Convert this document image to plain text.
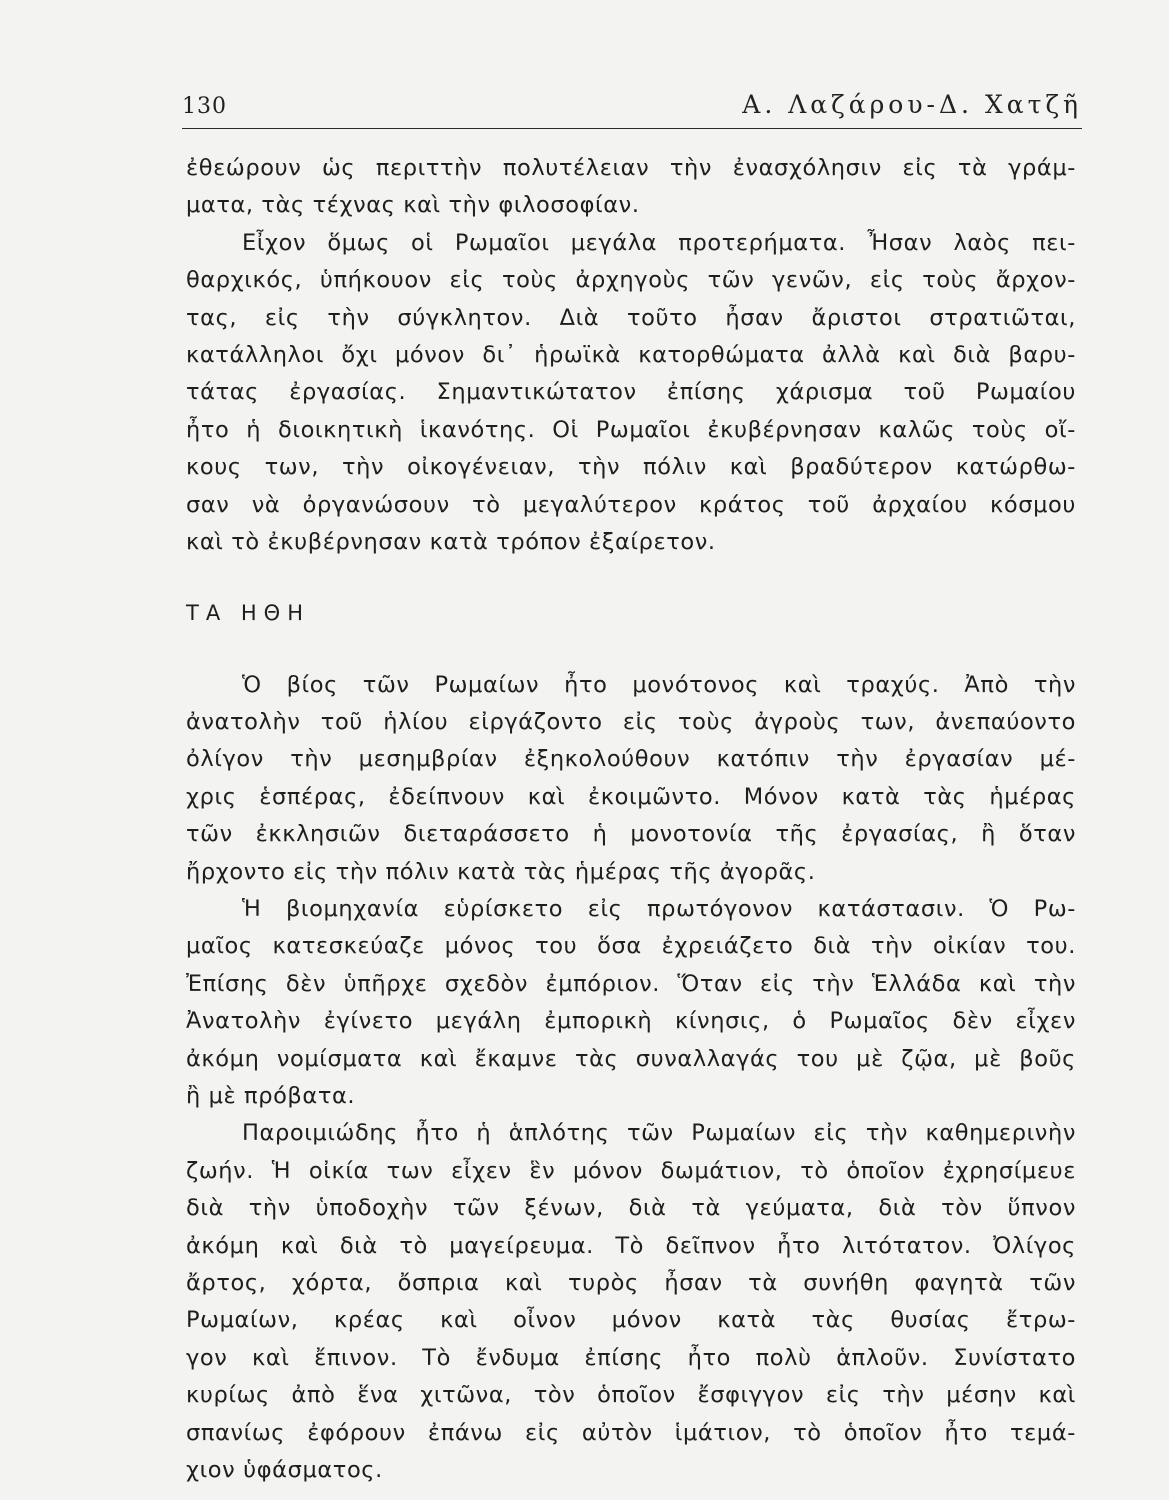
130	Α. Λαζάρου-Δ. Χατζῆ
ἐθεώρουν ὡς περιττὴν πολυτέλειαν τὴν ἐνασχόλησιν εἰς τὰ γράμ-
ματα, τὰς τέχνας καὶ τὴν φιλοσοφίαν.
Εἶχον ὅμως οἱ Ρωμαῖοι μεγάλα προτερήματα. Ἦσαν λαὸς πει-
θαρχικός, ὑπήκουον εἰς τοὺς ἀρχηγοὺς τῶν γενῶν, εἰς τοὺς ἄρχον-
τας, εἰς τὴν σύγκλητον. Διὰ τοῦτο ἦσαν ἄριστοι στρατιῶται,
κατάλληλοι ὄχι μόνον δι᾽ ἡρωϊκὰ κατορθώματα ἀλλὰ καὶ διὰ βαρυ-
τάτας ἐργασίας. Σημαντικώτατον ἐπίσης χάρισμα τοῦ Ρωμαίου
ἦτο ἡ διοικητικὴ ἱκανότης. Οἱ Ρωμαῖοι ἐκυβέρνησαν καλῶς τοὺς οἴ-
κους των, τὴν οἰκογένειαν, τὴν πόλιν καὶ βραδύτερον κατώρθω-
σαν νὰ ὀργανώσουν τὸ μεγαλύτερον κράτος τοῦ ἀρχαίου κόσμου
καὶ τὸ ἐκυβέρνησαν κατὰ τρόπον ἐξαίρετον.
ΤΑ ΗΘΗ
Ὁ βίος τῶν Ρωμαίων ἦτο μονότονος καὶ τραχύς. Ἀπὸ τὴν
ἀνατολὴν τοῦ ἡλίου εἰργάζοντο εἰς τοὺς ἀγροὺς των, ἀνεπαύοντο
ὀλίγον τὴν μεσημβρίαν ἐξηκολούθουν κατόπιν τὴν ἐργασίαν μέ-
χρις ἑσπέρας, ἐδείπνουν καὶ ἐκοιμῶντο. Μόνον κατὰ τὰς ἡμέρας
τῶν ἐκκλησιῶν διεταράσσετο ἡ μονοτονία τῆς ἐργασίας, ἢ ὅταν
ἤρχοντο εἰς τὴν πόλιν κατὰ τὰς ἡμέρας τῆς ἀγορᾶς.
Ἡ βιομηχανία εὑρίσκετο εἰς πρωτόγονον κατάστασιν. Ὁ Ρω-
μαῖος κατεσκεύαζε μόνος του ὅσα ἐχρειάζετο διὰ τὴν οἰκίαν του.
Ἐπίσης δὲν ὑπῆρχε σχεδὸν ἐμπόριον. Ὅταν εἰς τὴν Ἑλλάδα καὶ τὴν
Ἀνατολὴν ἐγίνετο μεγάλη ἐμπορικὴ κίνησις, ὁ Ρωμαῖος δὲν εἶχεν
ἀκόμη νομίσματα καὶ ἔκαμνε τὰς συναλλαγάς του μὲ ζῷα, μὲ βοῦς
ἢ μὲ πρόβατα.
Παροιμιώδης ἦτο ἡ ἁπλότης τῶν Ρωμαίων εἰς τὴν καθημερινὴν
ζωήν. Ἡ οἰκία των εἶχεν ἓν μόνον δωμάτιον, τὸ ὁποῖον ἐχρησίμευε
διὰ τὴν ὑποδοχὴν τῶν ξένων, διὰ τὰ γεύματα, διὰ τὸν ὕπνον
ἀκόμη καὶ διὰ τὸ μαγείρευμα. Τὸ δεῖπνον ἦτο λιτότατον. Ὀλίγος
ἄρτος, χόρτα, ὄσπρια καὶ τυρὸς ἦσαν τὰ συνήθη φαγητὰ τῶν
Ρωμαίων, κρέας καὶ οἶνον μόνον κατὰ τὰς θυσίας ἔτρω-
γον καὶ ἔπινον. Τὸ ἔνδυμα ἐπίσης ἦτο πολὺ ἁπλοῦν. Συνίστατο
κυρίως ἀπὸ ἕνα χιτῶνα, τὸν ὁποῖον ἔσφιγγον εἰς τὴν μέσην καὶ
σπανίως ἐφόρουν ἐπάνω εἰς αὐτὸν ἱμάτιον, τὸ ὁποῖον ἦτο τεμά-
χιον ὑφάσματος.
